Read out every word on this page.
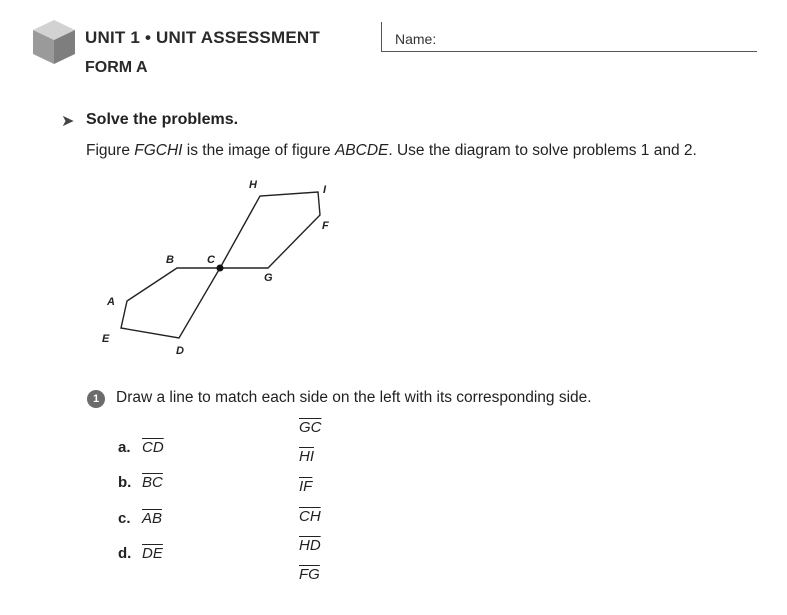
UNIT 1 • UNIT ASSESSMENT
FORM A
Name:
➤ Solve the problems.
Figure FGCHI is the image of figure ABCDE. Use the diagram to solve problems 1 and 2.
A
B	C
D
E
F
G
H	I
1	Draw a line to match each side on the left with its corresponding side.
a. $\overline{CD}$
b. $\overline{BC}$
c. $\overline{AB}$
d. $\overline{DE}$
$\overline{GC}$
$\overline{HI}$
$\overline{IF}$
$\overline{CH}$
$\overline{HD}$
$\overline{FG}$
